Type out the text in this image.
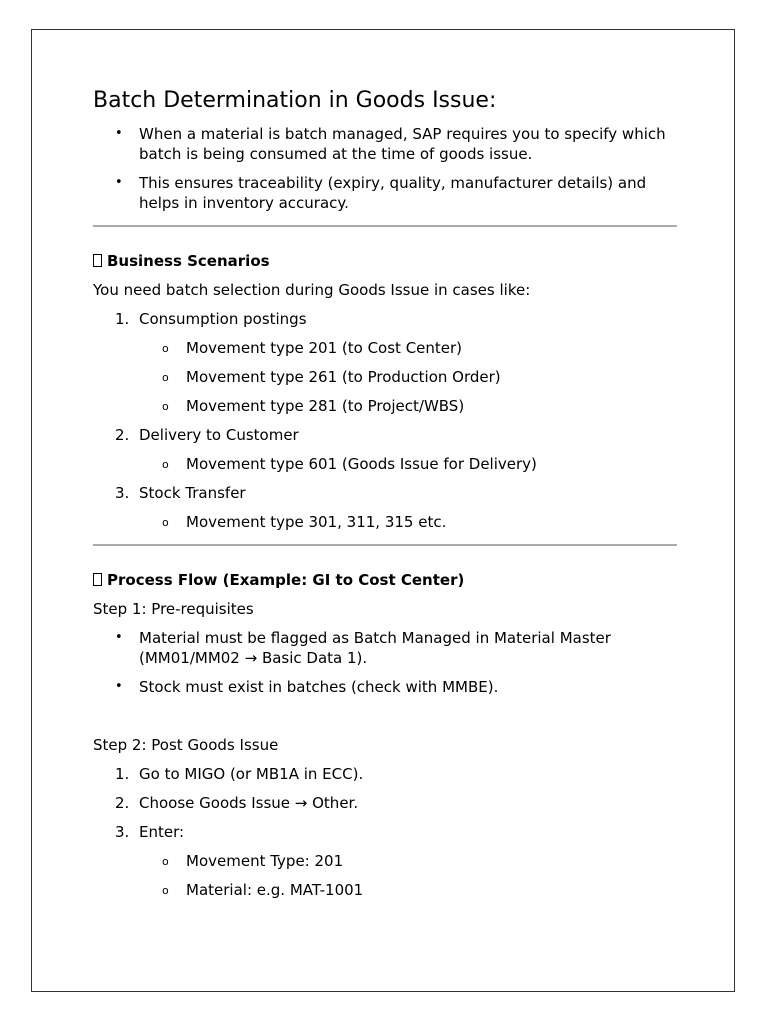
Batch Determination in Goods Issue:
• When a material is batch managed, SAP requires you to specify which batch is being consumed at the time of goods issue.
• This ensures traceability (expiry, quality, manufacturer details) and helps in inventory accuracy.
Business Scenarios
You need batch selection during Goods Issue in cases like:
1. Consumption postings
o Movement type 201 (to Cost Center)
o Movement type 261 (to Production Order)
o Movement type 281 (to Project/WBS)
2. Delivery to Customer
o Movement type 601 (Goods Issue for Delivery)
3. Stock Transfer
o Movement type 301, 311, 315 etc.
Process Flow (Example: GI to Cost Center)
Step 1: Pre-requisites
• Material must be flagged as Batch Managed in Material Master (MM01/MM02 → Basic Data 1).
• Stock must exist in batches (check with MMBE).
Step 2: Post Goods Issue
1. Go to MIGO (or MB1A in ECC).
2. Choose Goods Issue → Other.
3. Enter:
o Movement Type: 201
o Material: e.g. MAT-1001
